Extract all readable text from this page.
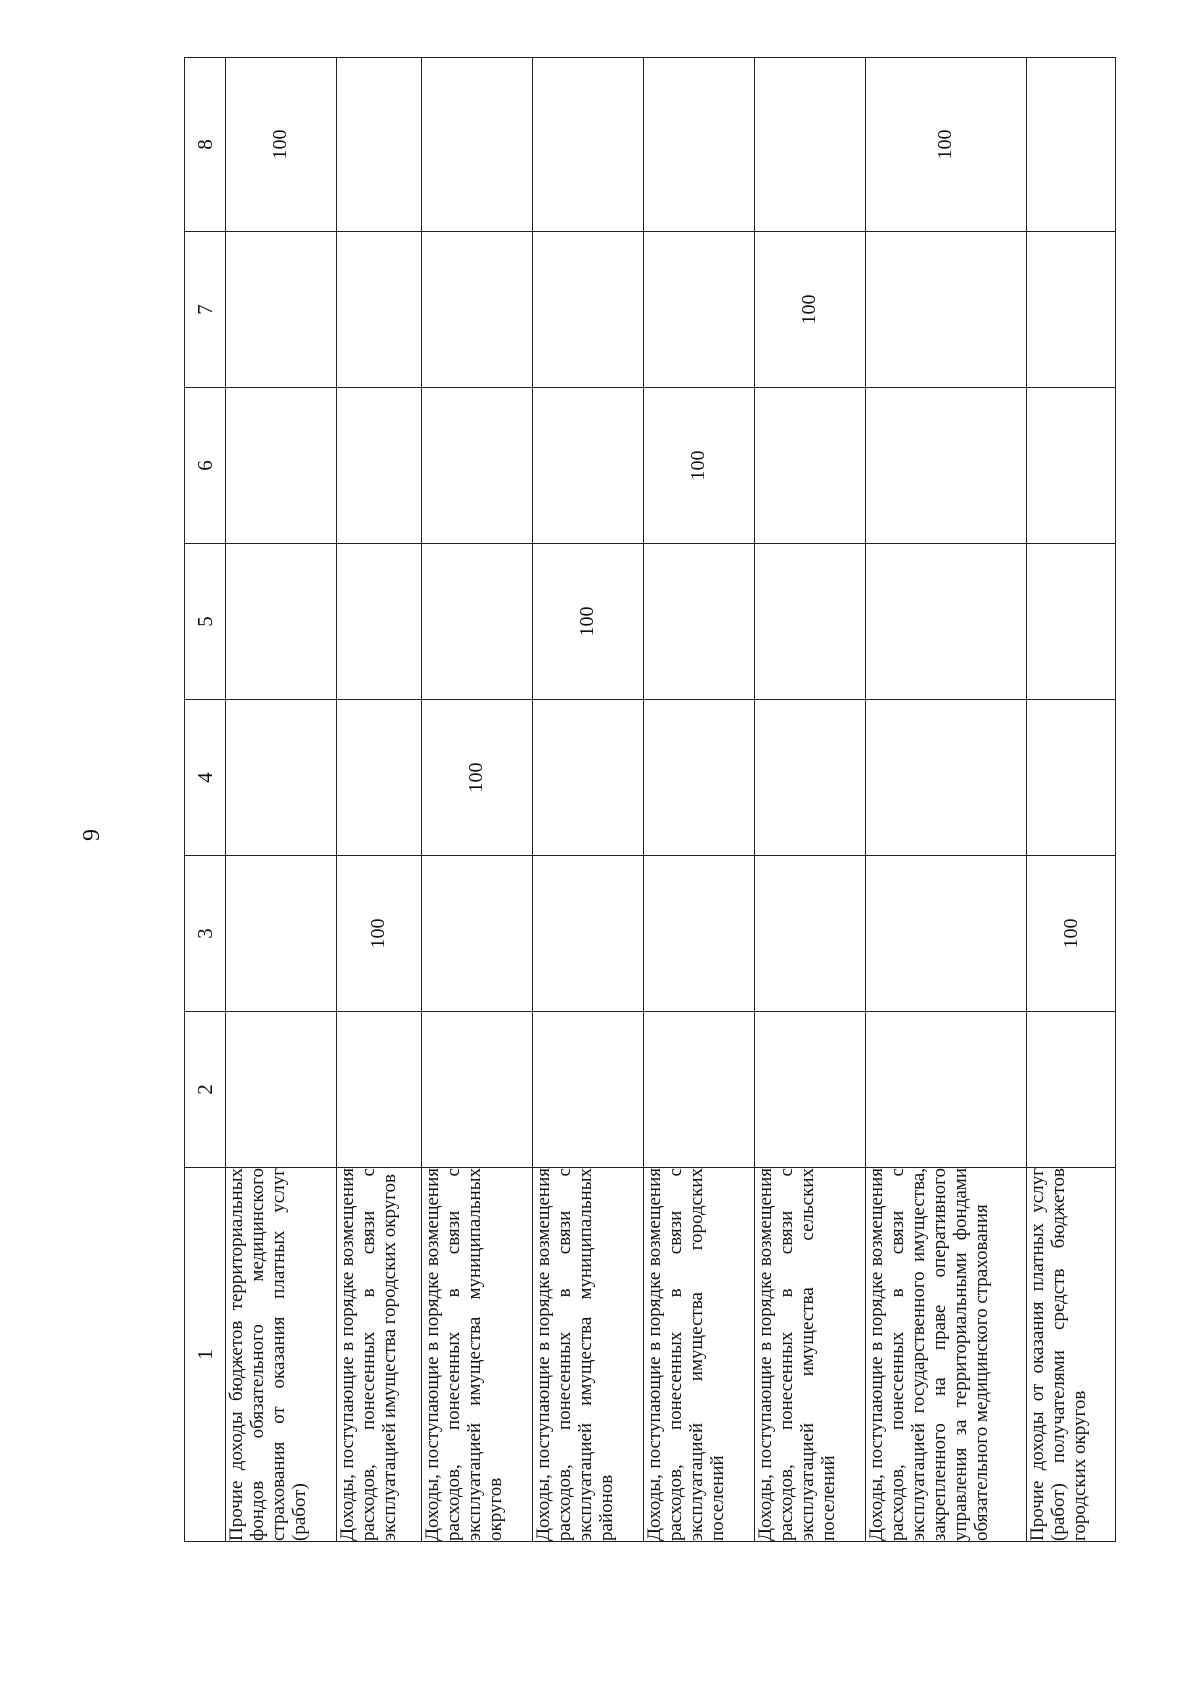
9

1	2	3	4	5	6	7	8
Прочие доходы бюджетов территориальных фондов обязательного медицинского страхования от оказания платных услуг (работ)							100
Доходы, поступающие в порядке возмещения расходов, понесенных в связи с эксплуатацией имущества городских округов		100					
Доходы, поступающие в порядке возмещения расходов, понесенных в связи с эксплуатацией имущества муниципальных округов			100				
Доходы, поступающие в порядке возмещения расходов, понесенных в связи с эксплуатацией имущества муниципальных районов				100			
Доходы, поступающие в порядке возмещения расходов, понесенных в связи с эксплуатацией имущества городских поселений					100		
Доходы, поступающие в порядке возмещения расходов, понесенных в связи с эксплуатацией имущества сельских поселений						100	
Доходы, поступающие в порядке возмещения расходов, понесенных в связи с эксплуатацией государственного имущества, закрепленного на праве оперативного управления за территориальными фондами обязательного медицинского страхования							100
Прочие доходы от оказания платных услуг (работ) получателями средств бюджетов городских округов		100					
